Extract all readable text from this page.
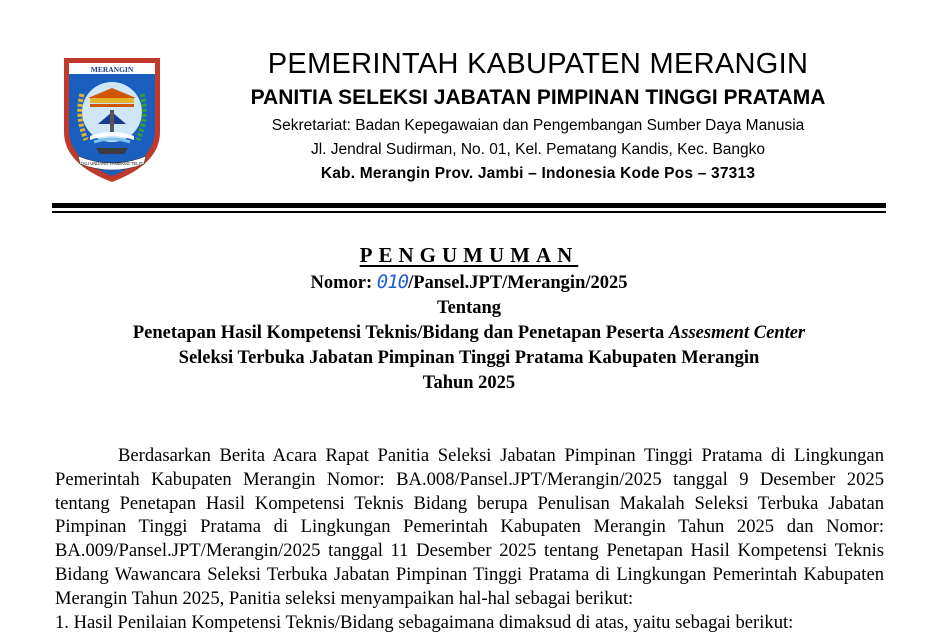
MERANGIN
TALI UNDANG TAMBANG TELITI
PEMERINTAH KABUPATEN MERANGIN
PANITIA SELEKSI JABATAN PIMPINAN TINGGI PRATAMA
Sekretariat: Badan Kepegawaian dan Pengembangan Sumber Daya Manusia
Jl. Jendral Sudirman, No. 01, Kel. Pematang Kandis, Kec. Bangko
Kab. Merangin Prov. Jambi – Indonesia Kode Pos – 37313
PENGUMUMAN
Nomor: 010/Pansel.JPT/Merangin/2025
Tentang
Penetapan Hasil Kompetensi Teknis/Bidang dan Penetapan Peserta Assesment Center
Seleksi Terbuka Jabatan Pimpinan Tinggi Pratama Kabupaten Merangin
Tahun 2025
Berdasarkan Berita Acara Rapat Panitia Seleksi Jabatan Pimpinan Tinggi Pratama di Lingkungan Pemerintah Kabupaten Merangin Nomor: BA.008/Pansel.JPT/Merangin/2025 tanggal 9 Desember 2025 tentang Penetapan Hasil Kompetensi Teknis Bidang berupa Penulisan Makalah Seleksi Terbuka Jabatan Pimpinan Tinggi Pratama di Lingkungan Pemerintah Kabupaten Merangin Tahun 2025 dan Nomor: BA.009/Pansel.JPT/Merangin/2025 tanggal 11 Desember 2025 tentang Penetapan Hasil Kompetensi Teknis Bidang Wawancara Seleksi Terbuka Jabatan Pimpinan Tinggi Pratama di Lingkungan Pemerintah Kabupaten Merangin Tahun 2025, Panitia seleksi menyampaikan hal-hal sebagai berikut:
1. Hasil Penilaian Kompetensi Teknis/Bidang sebagaimana dimaksud di atas, yaitu sebagai berikut:
